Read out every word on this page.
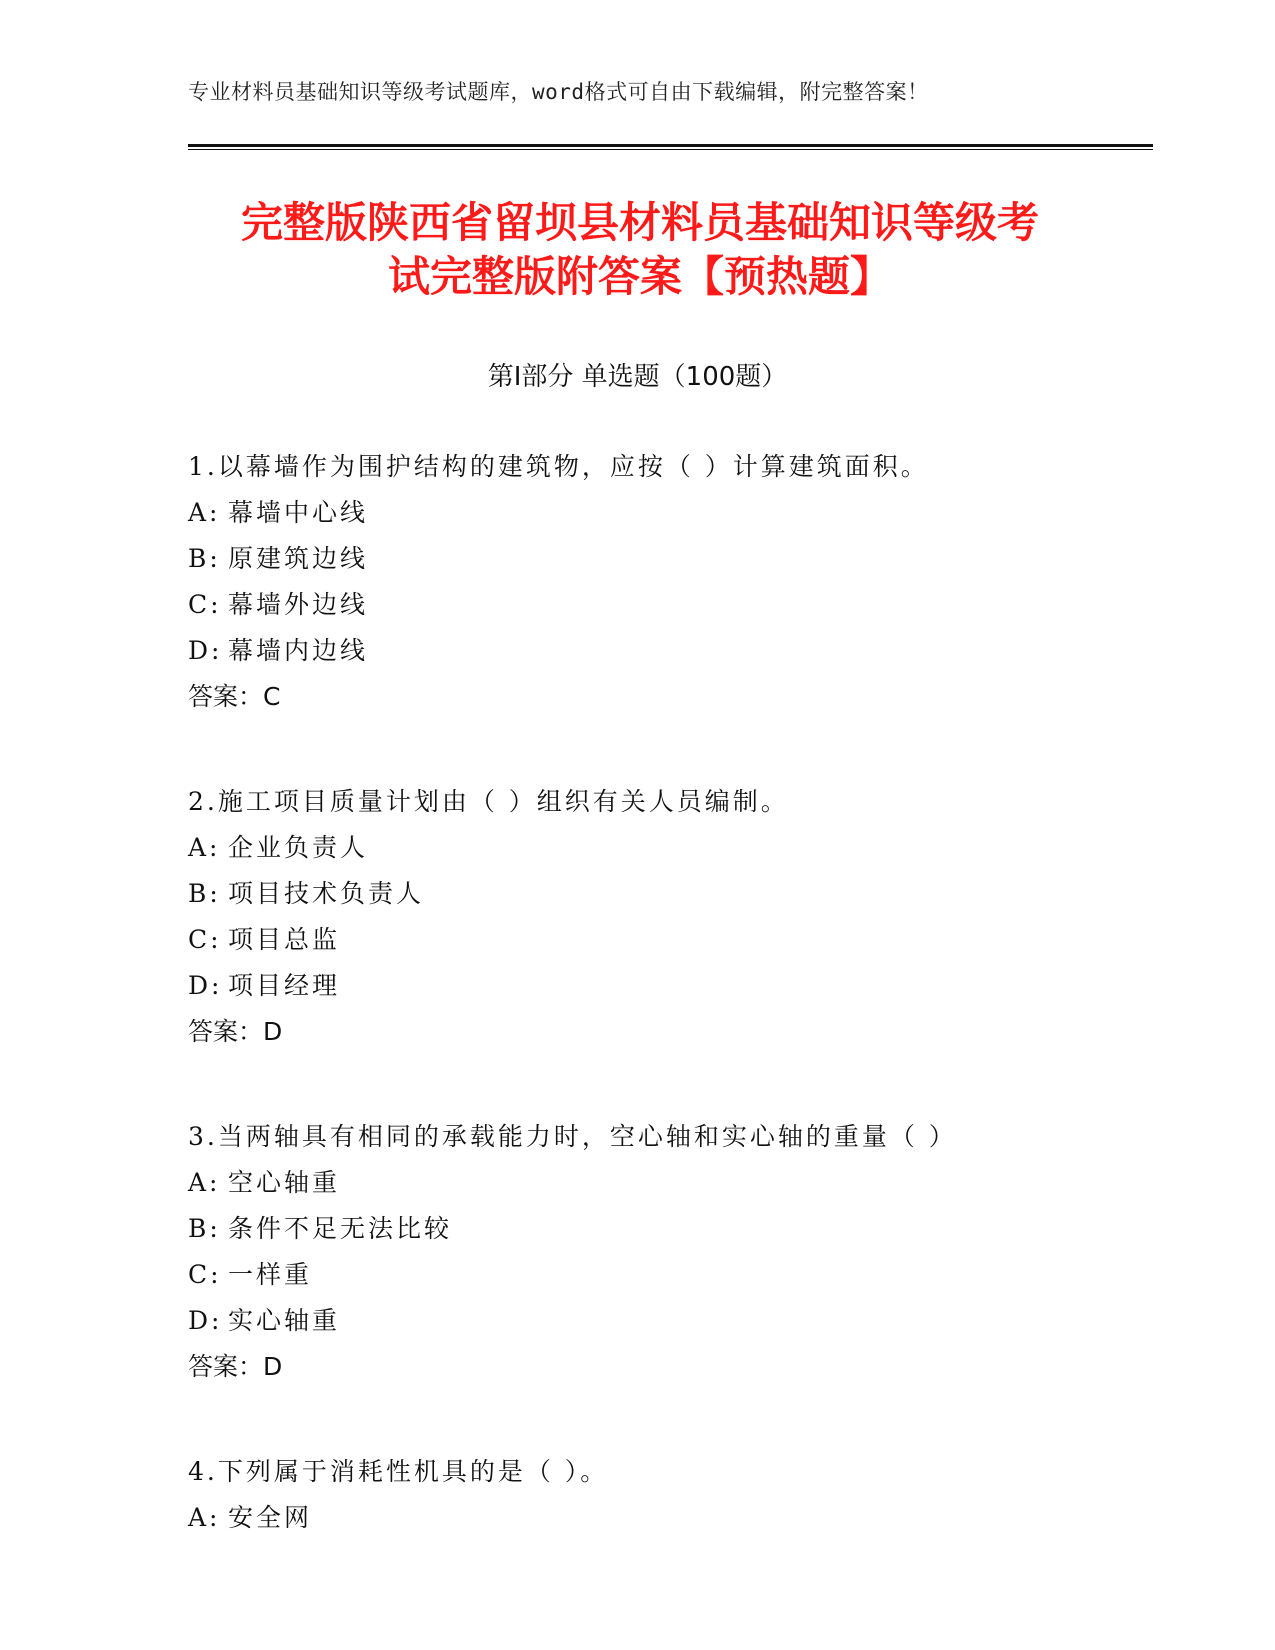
专业材料员基础知识等级考试题库，word格式可自由下载编辑，附完整答案！
完整版陕西省留坝县材料员基础知识等级考
试完整版附答案【预热题】
第Ⅰ部分 单选题（100题）
1.以幕墙作为围护结构的建筑物，应按（ ）计算建筑面积。
A: 幕墙中心线
B: 原建筑边线
C: 幕墙外边线
D: 幕墙内边线
答案：C
2.施工项目质量计划由（ ）组织有关人员编制。
A: 企业负责人
B: 项目技术负责人
C: 项目总监
D: 项目经理
答案：D
3.当两轴具有相同的承载能力时，空心轴和实心轴的重量（ ）
A: 空心轴重
B: 条件不足无法比较
C: 一样重
D: 实心轴重
答案：D
4.下列属于消耗性机具的是（ ）。
A: 安全网
